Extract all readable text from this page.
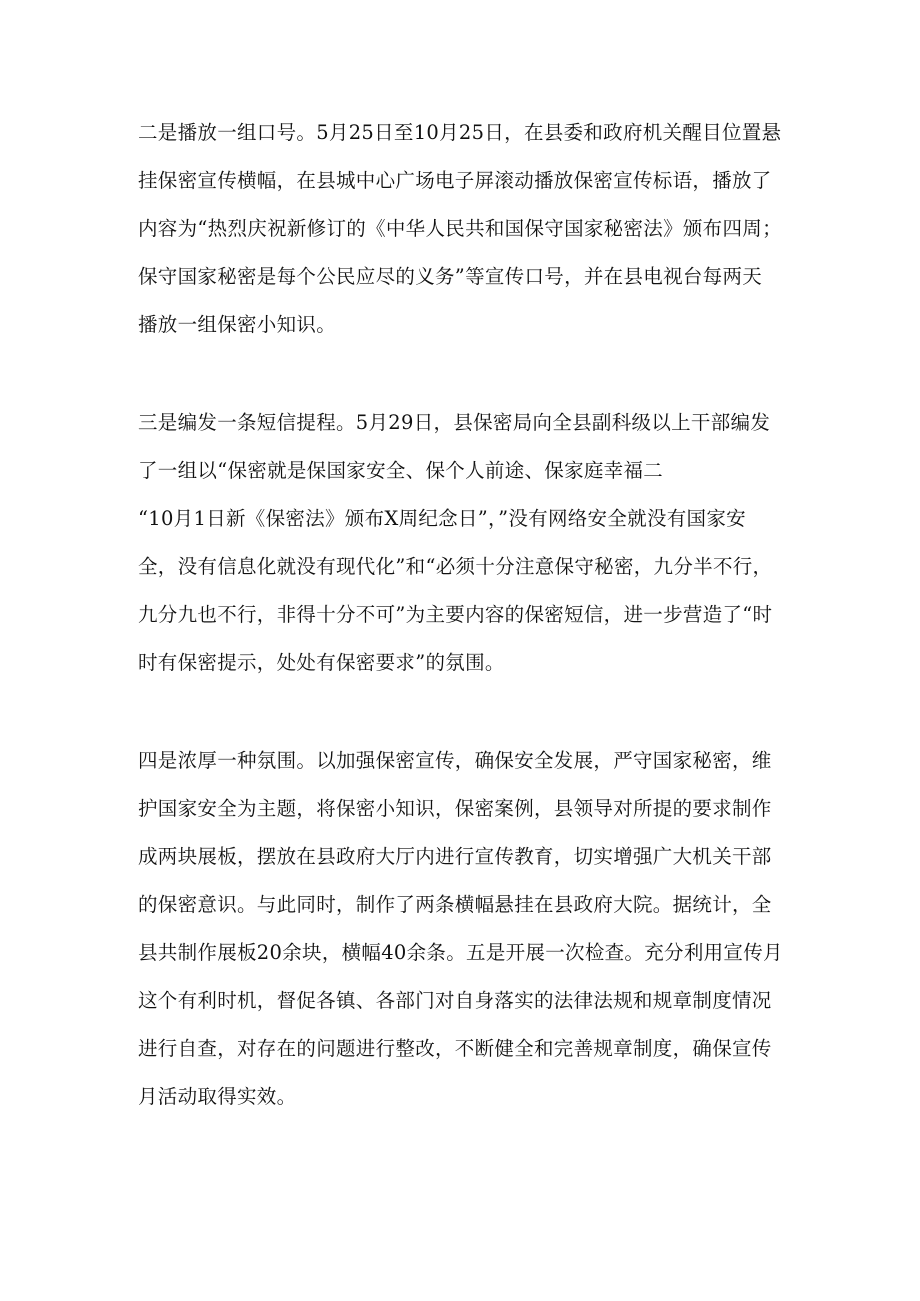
二是播放一组口号。5月25日至10月25日，在县委和政府机关醒目位置悬
挂保密宣传横幅，在县城中心广场电子屏滚动播放保密宣传标语，播放了
内容为“热烈庆祝新修订的《中华人民共和国保守国家秘密法》颁布四周；
保守国家秘密是每个公民应尽的义务”等宣传口号，并在县电视台每两天
播放一组保密小知识。
三是编发一条短信提程。5月29日，县保密局向全县副科级以上干部编发
了一组以“保密就是保国家安全、保个人前途、保家庭幸福二
“10月1日新《保密法》颁布X周纪念日”，”没有网络安全就没有国家安
全，没有信息化就没有现代化”和“必须十分注意保守秘密，九分半不行，
九分九也不行，非得十分不可”为主要内容的保密短信，进一步营造了“时
时有保密提示，处处有保密要求”的氛围。
四是浓厚一种氛围。以加强保密宣传，确保安全发展，严守国家秘密，维
护国家安全为主题，将保密小知识，保密案例，县领导对所提的要求制作
成两块展板，摆放在县政府大厅内进行宣传教育，切实增强广大机关干部
的保密意识。与此同时，制作了两条横幅悬挂在县政府大院。据统计，全
县共制作展板20余块，横幅40余条。五是开展一次检查。充分利用宣传月
这个有利时机，督促各镇、各部门对自身落实的法律法规和规章制度情况
进行自查，对存在的问题进行整改，不断健全和完善规章制度，确保宣传
月活动取得实效。
